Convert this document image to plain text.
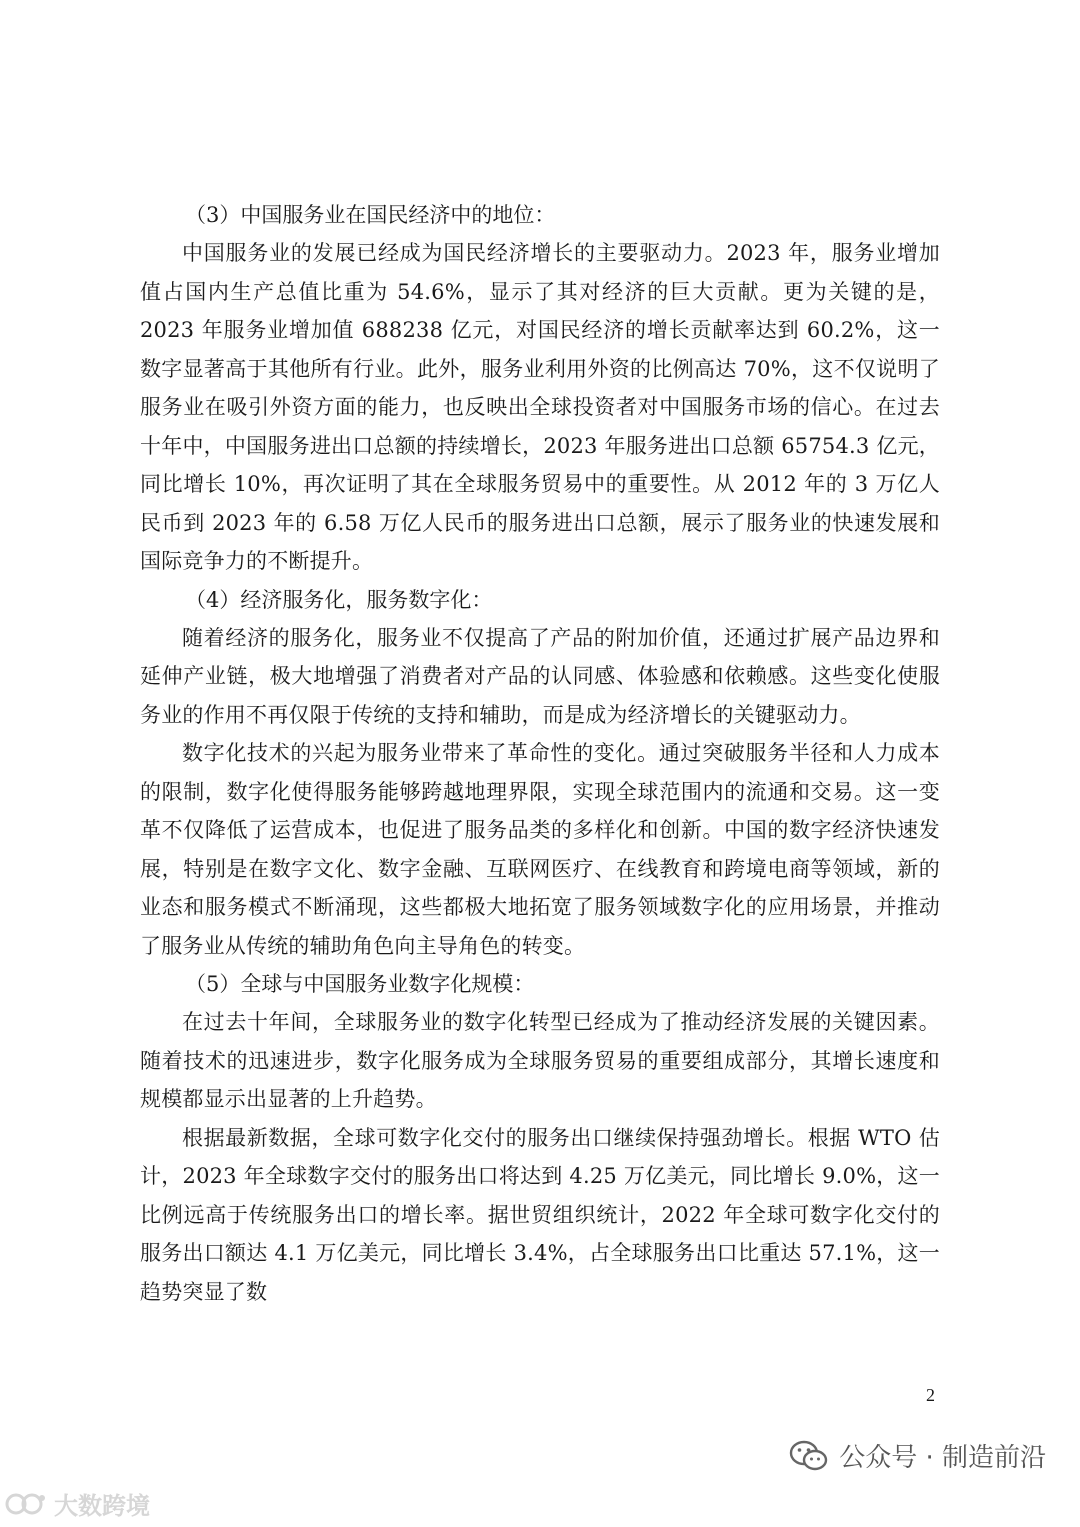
（3）中国服务业在国民经济中的地位：

中国服务业的发展已经成为国民经济增长的主要驱动力。2023 年，服务业增加值占国内生产总值比重为 54.6%，显示了其对经济的巨大贡献。更为关键的是，2023 年服务业增加值 688238 亿元，对国民经济的增长贡献率达到 60.2%，这一数字显著高于其他所有行业。此外，服务业利用外资的比例高达 70%，这不仅说明了服务业在吸引外资方面的能力，也反映出全球投资者对中国服务市场的信心。在过去十年中，中国服务进出口总额的持续增长，2023 年服务进出口总额 65754.3 亿元，同比增长 10%，再次证明了其在全球服务贸易中的重要性。从 2012 年的 3 万亿人民币到 2023 年的 6.58 万亿人民币的服务进出口总额，展示了服务业的快速发展和国际竞争力的不断提升。

（4）经济服务化，服务数字化：

随着经济的服务化，服务业不仅提高了产品的附加价值，还通过扩展产品边界和延伸产业链，极大地增强了消费者对产品的认同感、体验感和依赖感。这些变化使服务业的作用不再仅限于传统的支持和辅助，而是成为经济增长的关键驱动力。

数字化技术的兴起为服务业带来了革命性的变化。通过突破服务半径和人力成本的限制，数字化使得服务能够跨越地理界限，实现全球范围内的流通和交易。这一变革不仅降低了运营成本，也促进了服务品类的多样化和创新。中国的数字经济快速发展，特别是在数字文化、数字金融、互联网医疗、在线教育和跨境电商等领域，新的业态和服务模式不断涌现，这些都极大地拓宽了服务领域数字化的应用场景，并推动了服务业从传统的辅助角色向主导角色的转变。

（5）全球与中国服务业数字化规模：

在过去十年间，全球服务业的数字化转型已经成为了推动经济发展的关键因素。随着技术的迅速进步，数字化服务成为全球服务贸易的重要组成部分，其增长速度和规模都显示出显著的上升趋势。

根据最新数据，全球可数字化交付的服务出口继续保持强劲增长。根据 WTO 估计，2023 年全球数字交付的服务出口将达到 4.25 万亿美元，同比增长 9.0%，这一比例远高于传统服务出口的增长率。据世贸组织统计，2022 年全球可数字化交付的服务出口额达 4.1 万亿美元，同比增长 3.4%，占全球服务出口比重达 57.1%，这一趋势突显了数

2
公众号 · 制造前沿
大数跨境
